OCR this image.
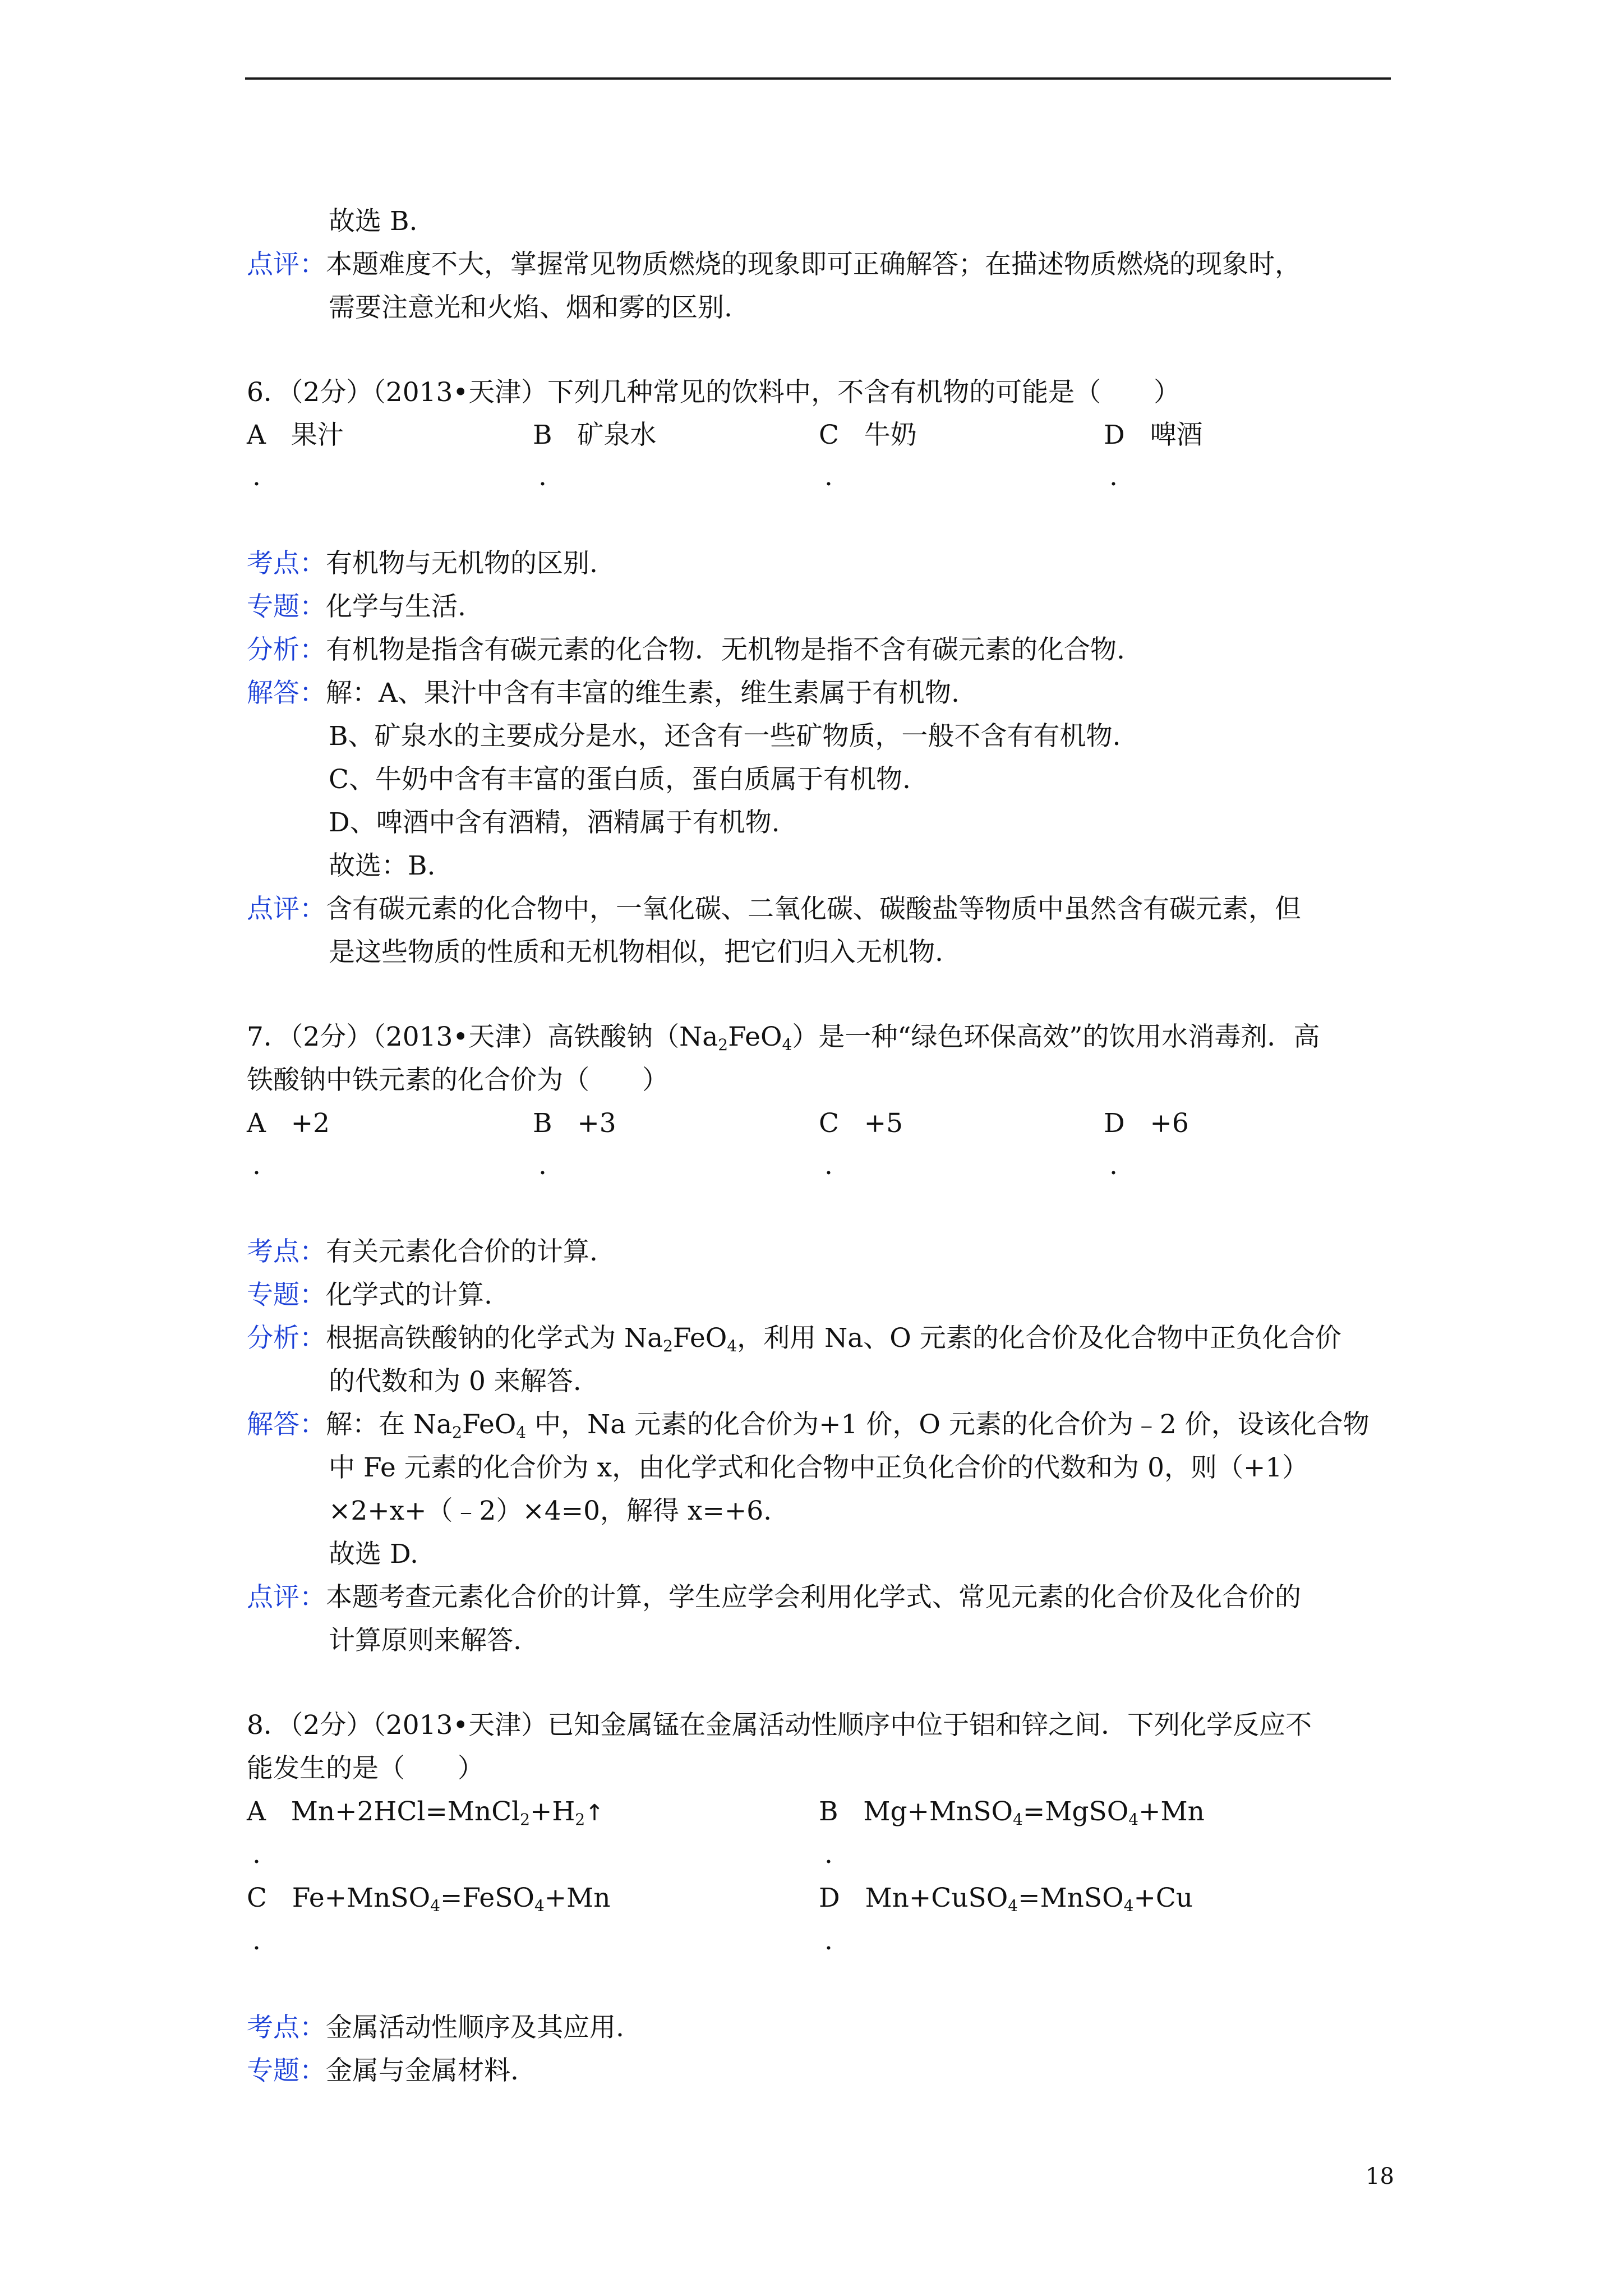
故选 B.
点评：本题难度不大，掌握常见物质燃烧的现象即可正确解答；在描述物质燃烧的现象时，
需要注意光和火焰、烟和雾的区别.
6．（2分）（2013•天津）下列几种常见的饮料中，不含有机物的可能是（　　）
A 果汁	B 矿泉水	C 牛奶	D 啤酒
.	.	.	.
考点：有机物与无机物的区别.
专题：化学与生活.
分析：有机物是指含有碳元素的化合物．无机物是指不含有碳元素的化合物.
解答：解：A、果汁中含有丰富的维生素，维生素属于有机物.
B、矿泉水的主要成分是水，还含有一些矿物质，一般不含有有机物.
C、牛奶中含有丰富的蛋白质，蛋白质属于有机物.
D、啤酒中含有酒精，酒精属于有机物.
故选：B.
点评：含有碳元素的化合物中，一氧化碳、二氧化碳、碳酸盐等物质中虽然含有碳元素，但
是这些物质的性质和无机物相似，把它们归入无机物.
7．（2分）（2013•天津）高铁酸钠$(Na_2FeO_4)$是一种“绿色环保高效”的饮用水消毒剂．高
铁酸钠中铁元素的化合价为（　　）
A +2	B +3	C +5	D +6
.	.	.	.
考点：有关元素化合价的计算.
专题：化学式的计算.
分析：根据高铁酸钠的化学式为 $Na_2FeO_4$，利用 Na、O 元素的化合价及化合物中正负化合价
的代数和为 0 来解答.
解答：解：在 $Na_2FeO_4$ 中，Na 元素的化合价为+1 价，O 元素的化合价为﹣2 价，设该化合物
中 Fe 元素的化合价为 x，由化学式和化合物中正负化合价的代数和为 0，则（+1）
×2+x+（﹣2）×4=0，解得 x=+6.
故选 D.
点评：本题考查元素化合价的计算，学生应学会利用化学式、常见元素的化合价及化合价的
计算原则来解答.
8．（2分）（2013•天津）已知金属锰在金属活动性顺序中位于铝和锌之间．下列化学反应不
能发生的是（　　）
A $Mn+2HCl=MnCl_2+H_2↑$	B Mg+MnSO$_4$=MgSO$_4$+Mn
.	.
C Fe+MnSO$_4$=FeSO$_4$+Mn	D Mn+CuSO$_4$=MnSO$_4$+Cu
.	.
考点：金属活动性顺序及其应用.
专题：金属与金属材料.
18
